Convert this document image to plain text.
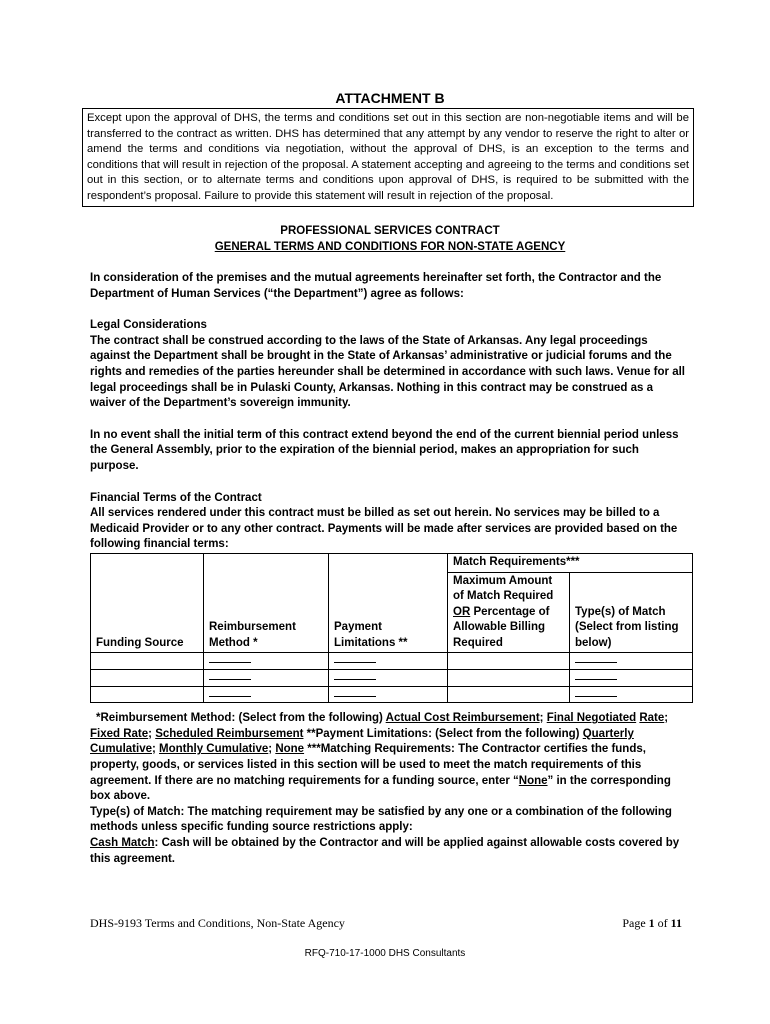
ATTACHMENT B
Except upon the approval of DHS, the terms and conditions set out in this section are non-negotiable items and will be transferred to the contract as written. DHS has determined that any attempt by any vendor to reserve the right to alter or amend the terms and conditions via negotiation, without the approval of DHS, is an exception to the terms and conditions that will result in rejection of the proposal. A statement accepting and agreeing to the terms and conditions set out in this section, or to alternate terms and conditions upon approval of DHS, is required to be submitted with the respondent’s proposal. Failure to provide this statement will result in rejection of the proposal.
PROFESSIONAL SERVICES CONTRACT
GENERAL TERMS AND CONDITIONS FOR NON-STATE AGENCY

In consideration of the premises and the mutual agreements hereinafter set forth, the Contractor and the Department of Human Services (“the Department”) agree as follows:

Legal Considerations

The contract shall be construed according to the laws of the State of Arkansas. Any legal proceedings against the Department shall be brought in the State of Arkansas’ administrative or judicial forums and the rights and remedies of the parties hereunder shall be determined in accordance with such laws. Venue for all legal proceedings shall be in Pulaski County, Arkansas. Nothing in this contract may be construed as a waiver of the Department’s sovereign immunity.

In no event shall the initial term of this contract extend beyond the end of the current biennial period unless the General Assembly, prior to the expiration of the biennial period, makes an appropriation for such purpose.

Financial Terms of the Contract

All services rendered under this contract must be billed as set out herein. No services may be billed to a Medicaid Provider or to any other contract. Payments will be made after services are provided based on the following financial terms:

Funding Source	Reimbursement Method *	Payment Limitations **	Match Requirements***	
			Maximum Amount of Match Required OR Percentage of Allowable Billing Required	Type(s) of Match (Select from listing below)

*Reimbursement Method: (Select from the following) Actual Cost Reimbursement; Final Negotiated Rate; Fixed Rate; Scheduled Reimbursement **Payment Limitations: (Select from the following) Quarterly Cumulative; Monthly Cumulative; None ***Matching Requirements: The Contractor certifies the funds, property, goods, or services listed in this section will be used to meet the match requirements of this agreement. If there are no matching requirements for a funding source, enter “None” in the corresponding box above.
Type(s) of Match: The matching requirement may be satisfied by any one or a combination of the following methods unless specific funding source restrictions apply:
Cash Match: Cash will be obtained by the Contractor and will be applied against allowable costs covered by this agreement.
DHS-9193 Terms and Conditions, Non-State Agency	Page 1 of 11
RFQ-710-17-1000 DHS Consultants
